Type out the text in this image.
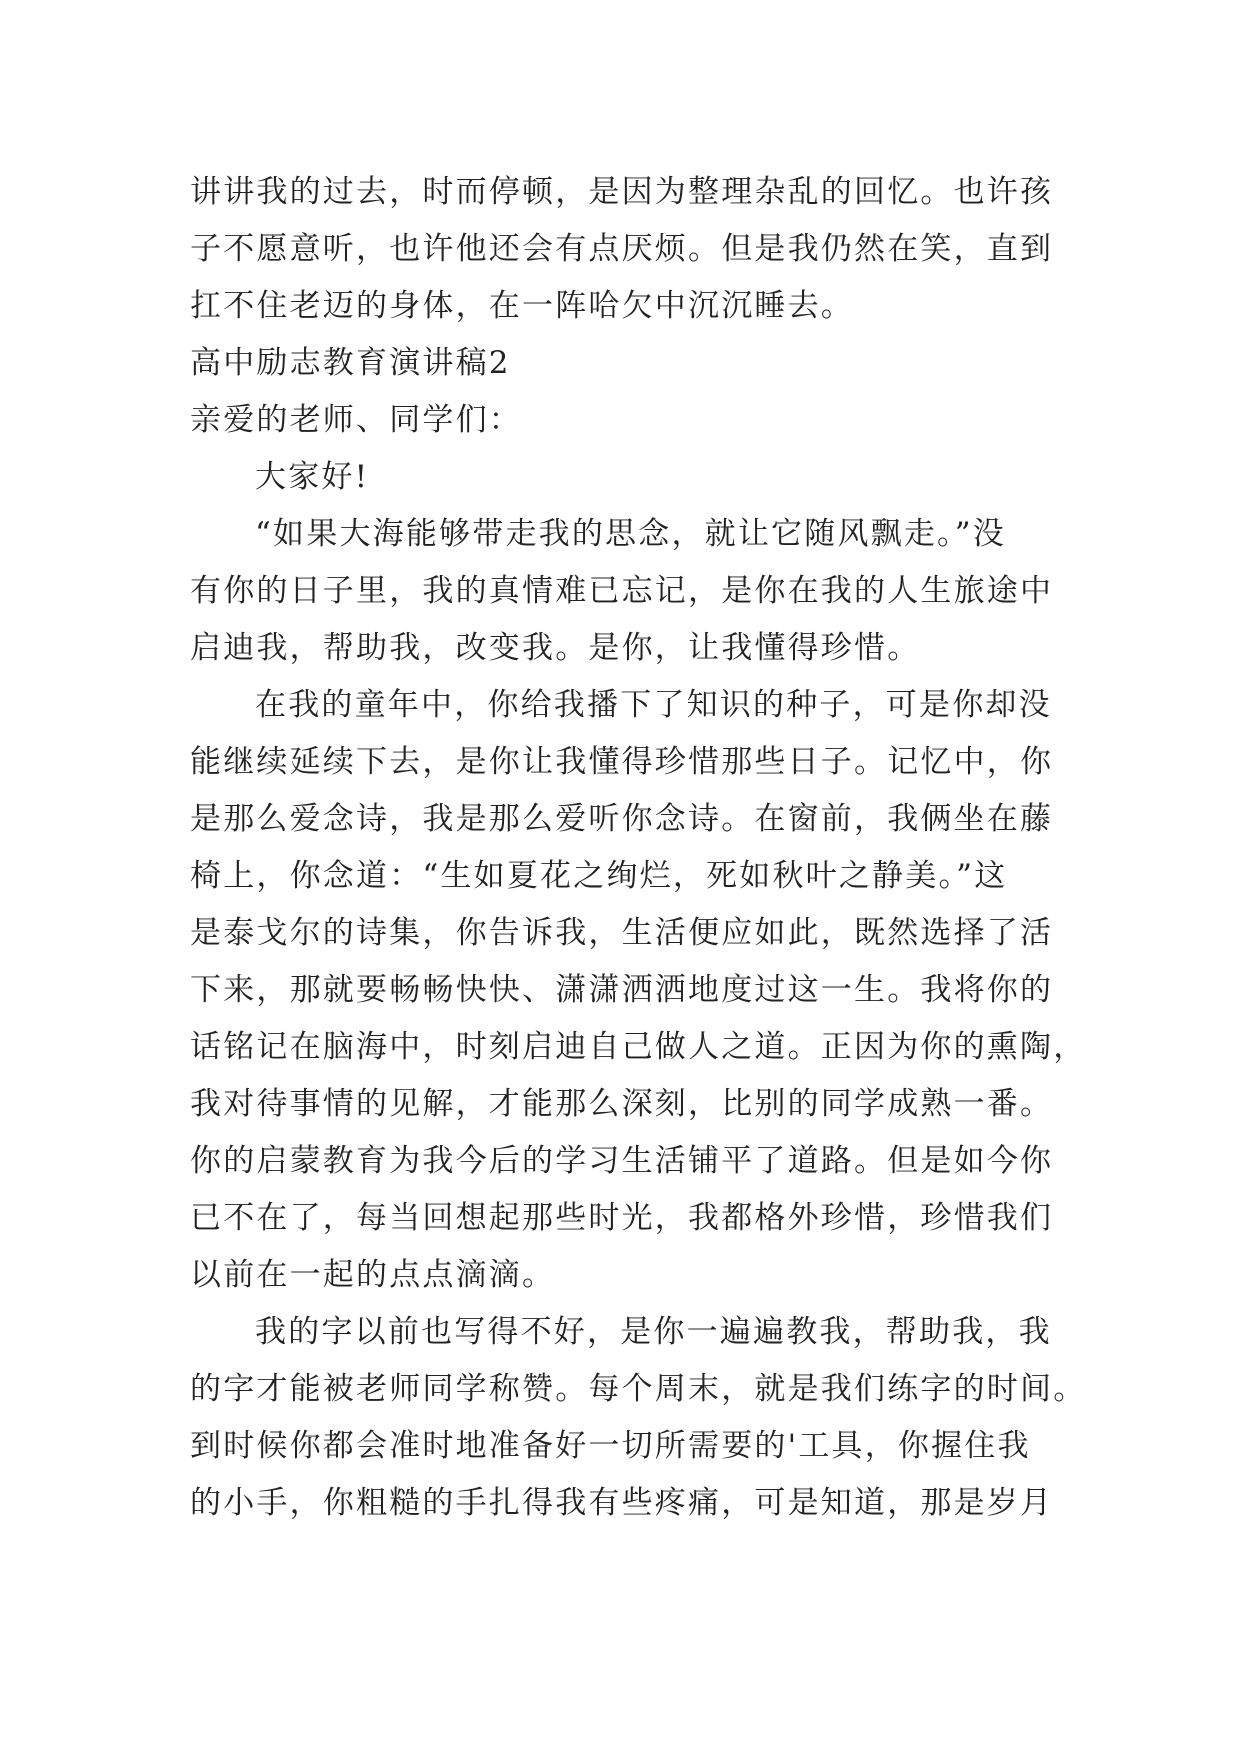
讲讲我的过去，时而停顿，是因为整理杂乱的回忆。也许孩
子不愿意听，也许他还会有点厌烦。但是我仍然在笑，直到
扛不住老迈的身体，在一阵哈欠中沉沉睡去。
高中励志教育演讲稿2
亲爱的老师、同学们：
大家好!
“如果大海能够带走我的思念，就让它随风飘走。”没
有你的日子里，我的真情难已忘记，是你在我的人生旅途中
启迪我，帮助我，改变我。是你，让我懂得珍惜。
在我的童年中，你给我播下了知识的种子，可是你却没
能继续延续下去，是你让我懂得珍惜那些日子。记忆中，你
是那么爱念诗，我是那么爱听你念诗。在窗前，我俩坐在藤
椅上，你念道：“生如夏花之绚烂，死如秋叶之静美。”这
是泰戈尔的诗集，你告诉我，生活便应如此，既然选择了活
下来，那就要畅畅快快、潇潇洒洒地度过这一生。我将你的
话铭记在脑海中，时刻启迪自己做人之道。正因为你的熏陶，
我对待事情的见解，才能那么深刻，比别的同学成熟一番。
你的启蒙教育为我今后的学习生活铺平了道路。但是如今你
已不在了，每当回想起那些时光，我都格外珍惜，珍惜我们
以前在一起的点点滴滴。
我的字以前也写得不好，是你一遍遍教我，帮助我，我
的字才能被老师同学称赞。每个周末，就是我们练字的时间。
到时候你都会准时地准备好一切所需要的'工具，你握住我
的小手，你粗糙的手扎得我有些疼痛，可是知道，那是岁月
